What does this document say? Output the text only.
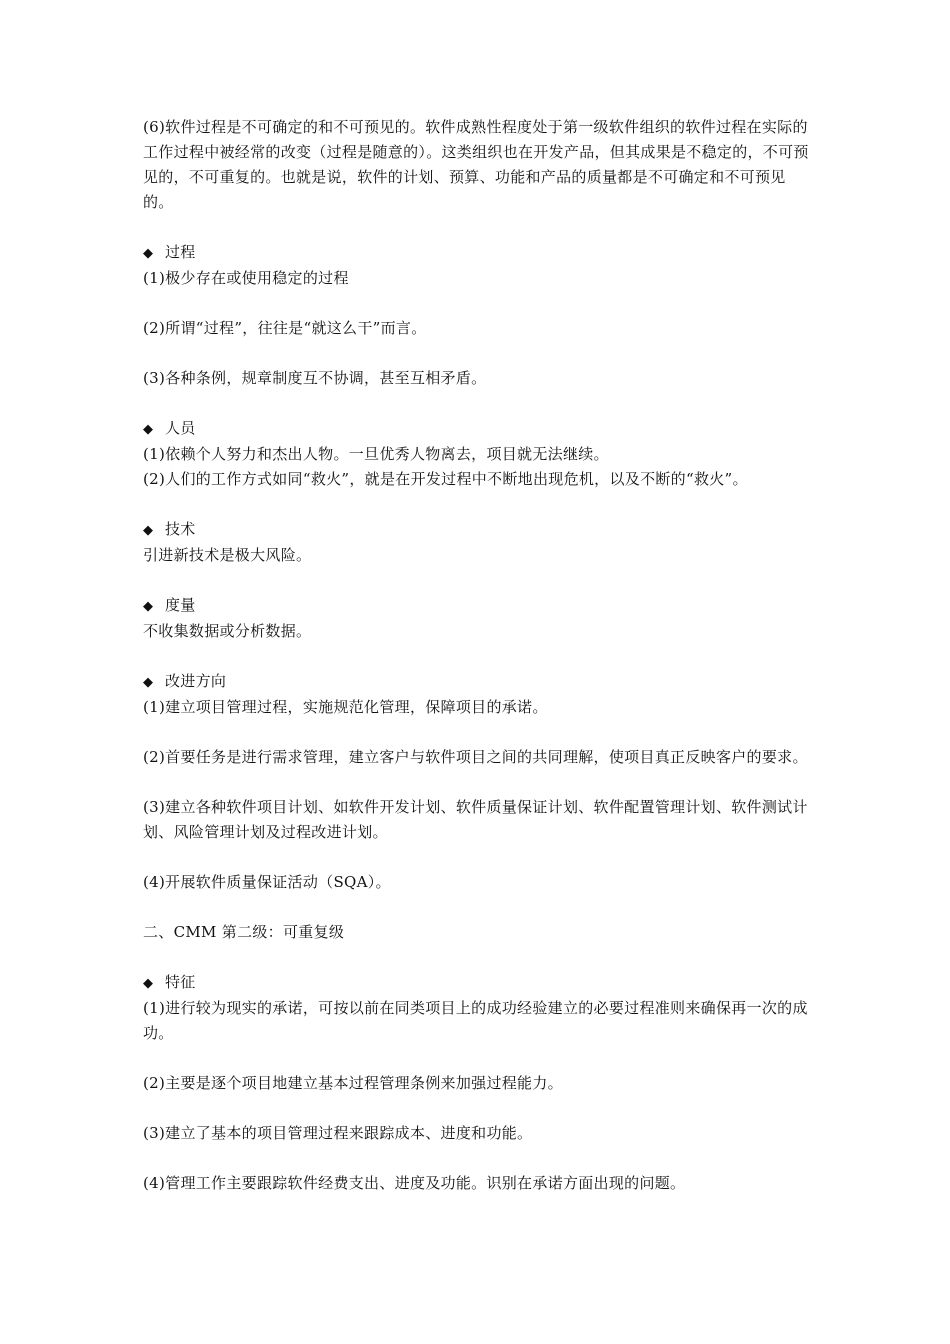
(6)软件过程是不可确定的和不可预见的。软件成熟性程度处于第一级软件组织的软件过程在实际的工作过程中被经常的改变（过程是随意的）。这类组织也在开发产品，但其成果是不稳定的，不可预见的，不可重复的。也就是说，软件的计划、预算、功能和产品的质量都是不可确定和不可预见的。

◆ 过程

(1)极少存在或使用稳定的过程

(2)所谓“过程”，往往是“就这么干”而言。

(3)各种条例，规章制度互不协调，甚至互相矛盾。

◆ 人员

(1)依赖个人努力和杰出人物。一旦优秀人物离去，项目就无法继续。

(2)人们的工作方式如同“救火”，就是在开发过程中不断地出现危机，以及不断的“救火”。

◆ 技术

引进新技术是极大风险。

◆ 度量

不收集数据或分析数据。

◆ 改进方向

(1)建立项目管理过程，实施规范化管理，保障项目的承诺。

(2)首要任务是进行需求管理，建立客户与软件项目之间的共同理解，使项目真正反映客户的要求。

(3)建立各种软件项目计划、如软件开发计划、软件质量保证计划、软件配置管理计划、软件测试计划、风险管理计划及过程改进计划。

(4)开展软件质量保证活动（SQA）。

二、CMM 第二级：可重复级

◆ 特征

(1)进行较为现实的承诺，可按以前在同类项目上的成功经验建立的必要过程准则来确保再一次的成功。

(2)主要是逐个项目地建立基本过程管理条例来加强过程能力。

(3)建立了基本的项目管理过程来跟踪成本、进度和功能。

(4)管理工作主要跟踪软件经费支出、进度及功能。识别在承诺方面出现的问题。
